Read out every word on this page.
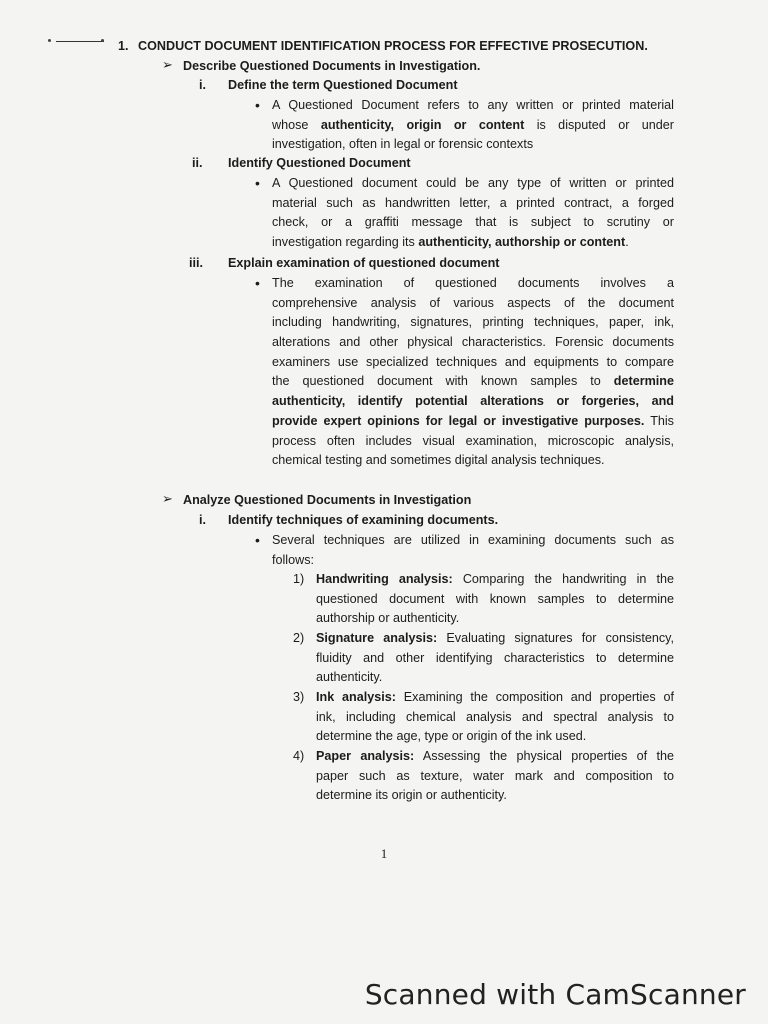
1. CONDUCT DOCUMENT IDENTIFICATION PROCESS FOR EFFECTIVE PROSECUTION.
➢ Describe Questioned Documents in Investigation.
i. Define the term Questioned Document
• A Questioned Document refers to any written or printed material
whose authenticity, origin or content is disputed or under
investigation, often in legal or forensic contexts
ii. Identify Questioned Document
• A Questioned document could be any type of written or printed
material such as handwritten letter, a printed contract, a forged
check, or a graffiti message that is subject to scrutiny or
investigation regarding its authenticity, authorship or content.
iii. Explain examination of questioned document
• The examination of questioned documents involves a
comprehensive analysis of various aspects of the document
including handwriting, signatures, printing techniques, paper, ink,
alterations and other physical characteristics. Forensic documents
examiners use specialized techniques and equipments to compare
the questioned document with known samples to determine
authenticity, identify potential alterations or forgeries, and
provide expert opinions for legal or investigative purposes. This
process often includes visual examination, microscopic analysis,
chemical testing and sometimes digital analysis techniques.
➢ Analyze Questioned Documents in Investigation
i. Identify techniques of examining documents.
• Several techniques are utilized in examining documents such as
follows:
1) Handwriting analysis: Comparing the handwriting in the
questioned document with known samples to determine
authorship or authenticity.
2) Signature analysis: Evaluating signatures for consistency,
fluidity and other identifying characteristics to determine
authenticity.
3) Ink analysis: Examining the composition and properties of
ink, including chemical analysis and spectral analysis to
determine the age, type or origin of the ink used.
4) Paper analysis: Assessing the physical properties of the
paper such as texture, water mark and composition to
determine its origin or authenticity.
1
Scanned with CamScanner
